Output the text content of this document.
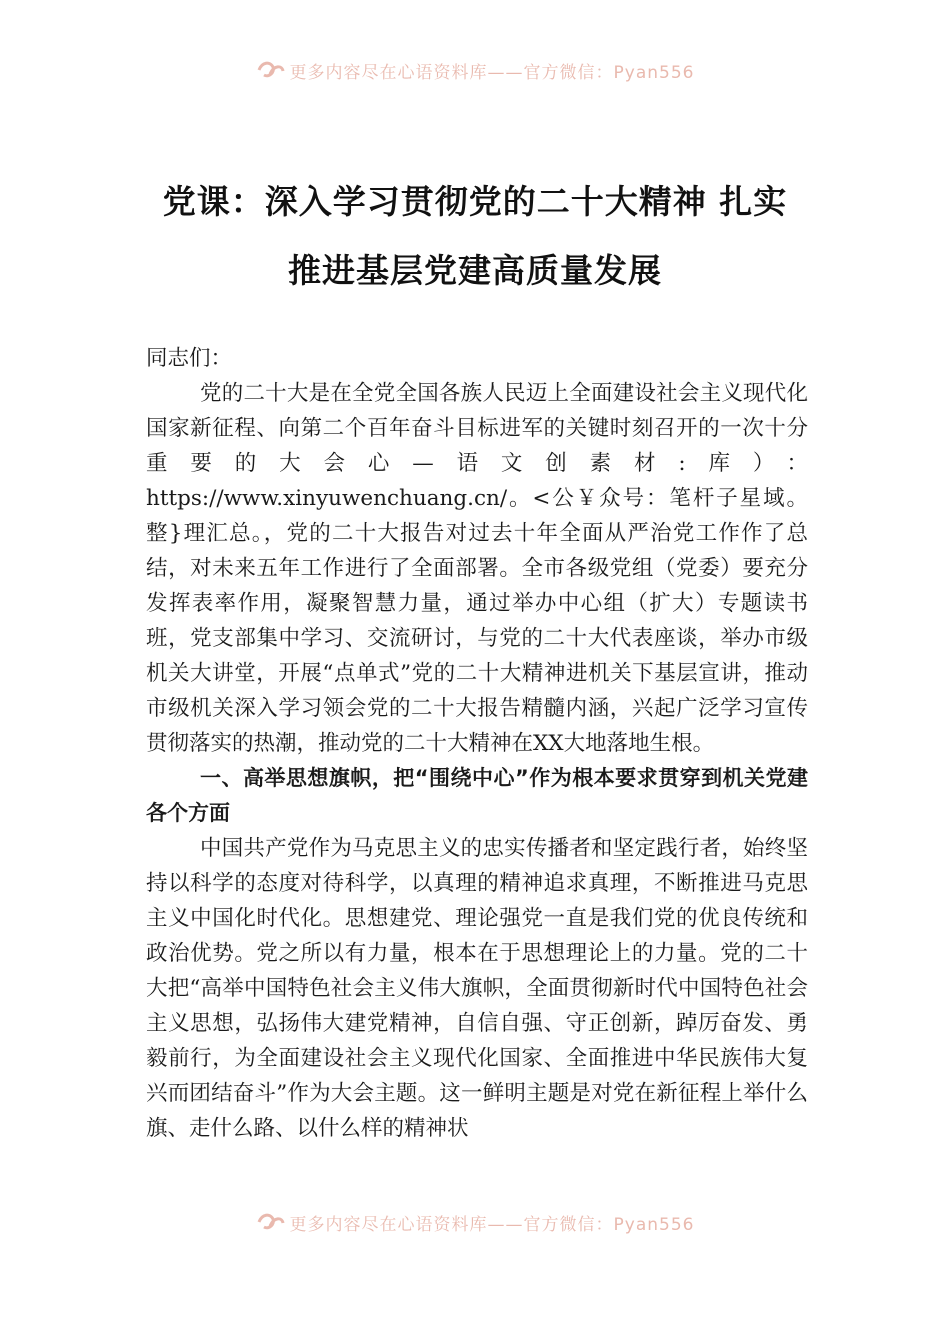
更多内容尽在心语资料库——官方微信：Pyan556
党课：深入学习贯彻党的二十大精神 扎实
推进基层党建高质量发展

同志们：

党的二十大是在全党全国各族人民迈上全面建设社会主义现代化国家新征程、向第二个百年奋斗目标进军的关键时刻召开的一次十分重要的大会心—语文创素材:库）：https://www.xinyuwenchuang.cn/。<公￥众号：笔杆子星域。整}理汇总。，党的二十大报告对过去十年全面从严治党工作作了总结，对未来五年工作进行了全面部署。全市各级党组（党委）要充分发挥表率作用，凝聚智慧力量，通过举办中心组（扩大）专题读书班，党支部集中学习、交流研讨，与党的二十大代表座谈，举办市级机关大讲堂，开展“点单式”党的二十大精神进机关下基层宣讲，推动市级机关深入学习领会党的二十大报告精髓内涵，兴起广泛学习宣传贯彻落实的热潮，推动党的二十大精神在XX大地落地生根。

一、高举思想旗帜，把“围绕中心”作为根本要求贯穿到机关党建各个方面

中国共产党作为马克思主义的忠实传播者和坚定践行者，始终坚持以科学的态度对待科学，以真理的精神追求真理，不断推进马克思主义中国化时代化。思想建党、理论强党一直是我们党的优良传统和政治优势。党之所以有力量，根本在于思想理论上的力量。党的二十大把“高举中国特色社会主义伟大旗帜，全面贯彻新时代中国特色社会主义思想，弘扬伟大建党精神，自信自强、守正创新，踔厉奋发、勇毅前行，为全面建设社会主义现代化国家、全面推进中华民族伟大复兴而团结奋斗”作为大会主题。这一鲜明主题是对党在新征程上举什么旗、走什么路、以什么样的精神状

更多内容尽在心语资料库——官方微信：Pyan556
